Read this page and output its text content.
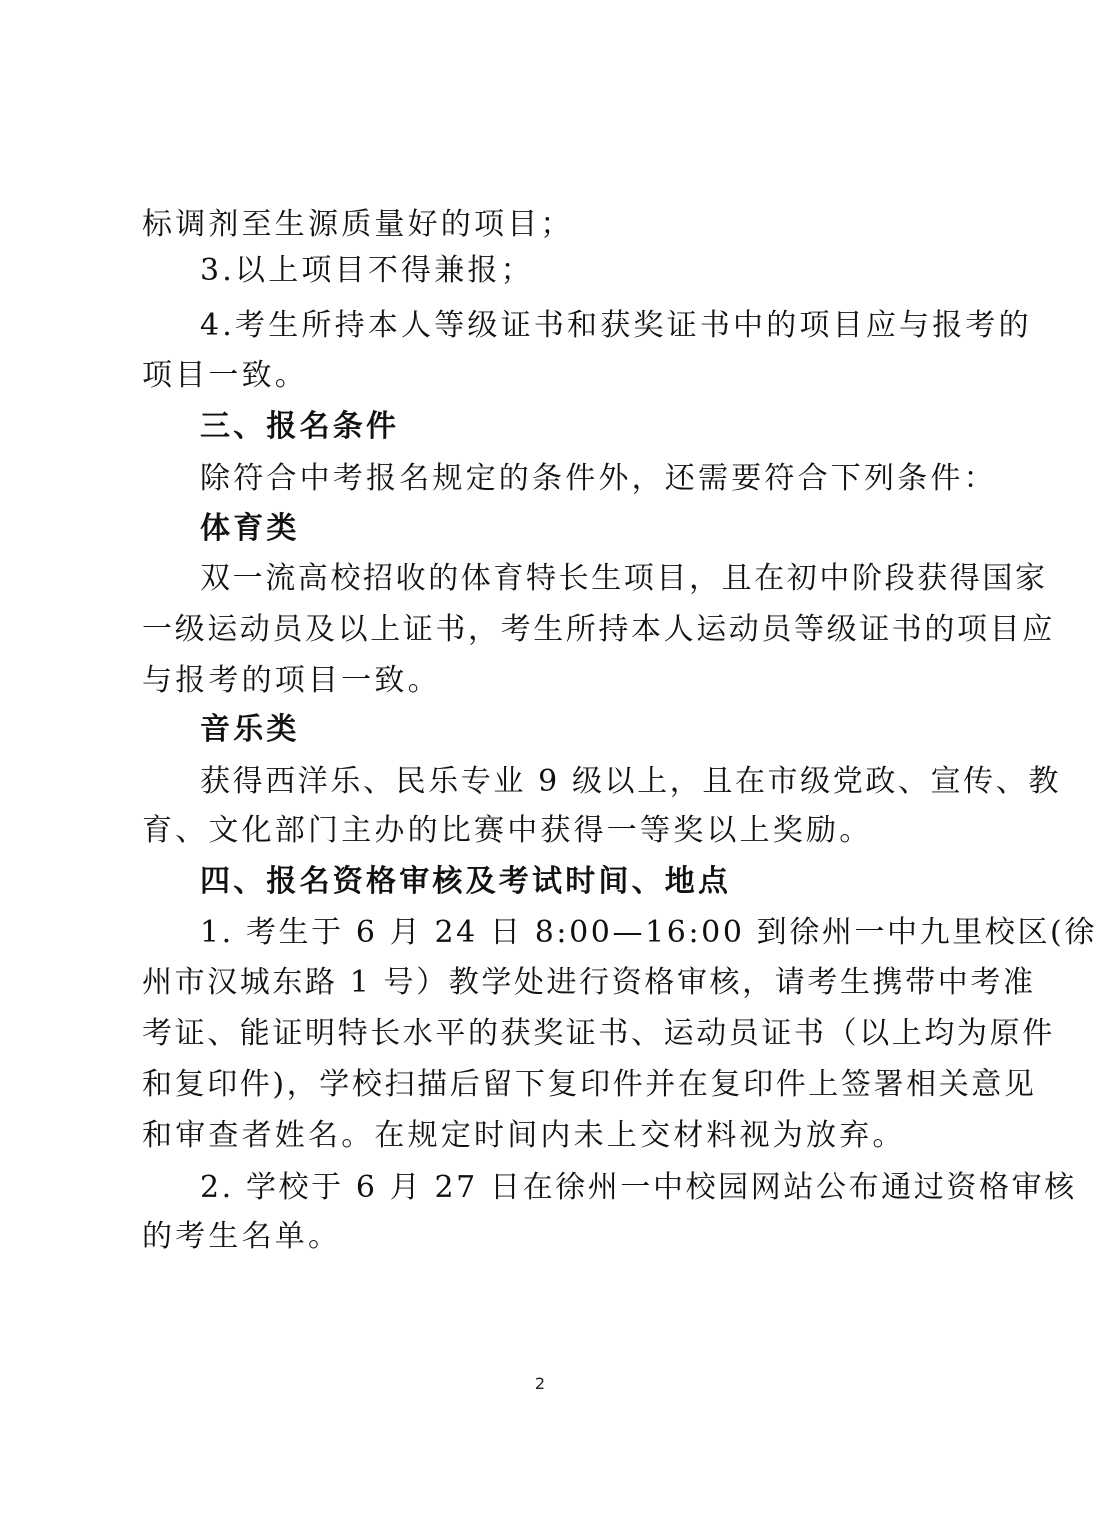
标调剂至生源质量好的项目；
3.以上项目不得兼报；
4.考生所持本人等级证书和获奖证书中的项目应与报考的
项目一致。
三、报名条件
除符合中考报名规定的条件外，还需要符合下列条件：
体育类
双一流高校招收的体育特长生项目，且在初中阶段获得国家
一级运动员及以上证书，考生所持本人运动员等级证书的项目应
与报考的项目一致。
音乐类
获得西洋乐、民乐专业 9 级以上，且在市级党政、宣传、教
育、文化部门主办的比赛中获得一等奖以上奖励。
四、报名资格审核及考试时间、地点
1. 考生于 6 月 24 日 8:00—16:00 到徐州一中九里校区(徐
州市汉城东路 1 号）教学处进行资格审核，请考生携带中考准
考证、能证明特长水平的获奖证书、运动员证书（以上均为原件
和复印件)，学校扫描后留下复印件并在复印件上签署相关意见
和审查者姓名。在规定时间内未上交材料视为放弃。
2. 学校于 6 月 27 日在徐州一中校园网站公布通过资格审核
的考生名单。
2
